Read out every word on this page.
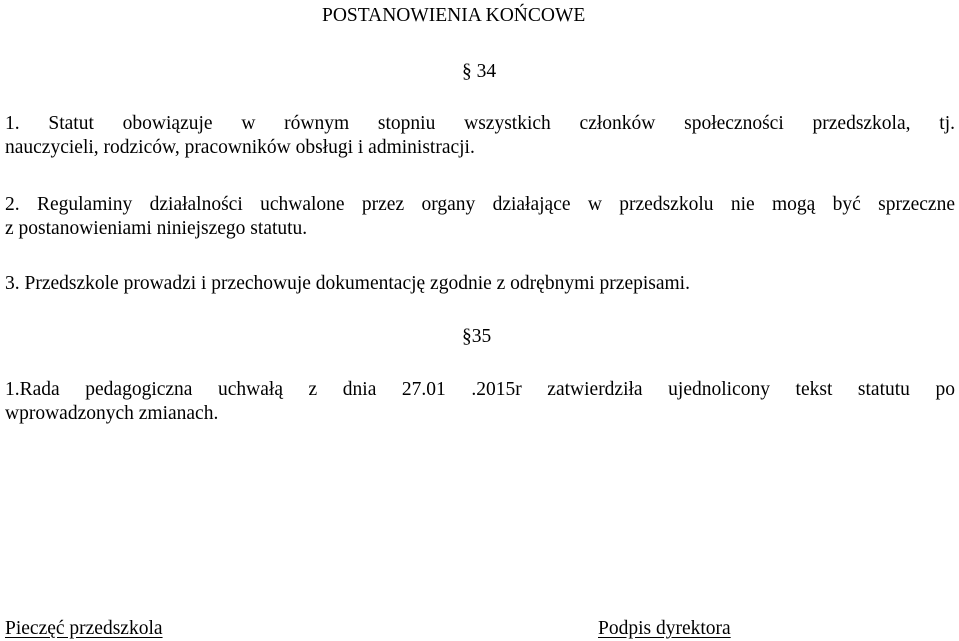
POSTANOWIENIA KOŃCOWE
§ 34
1. Statut obowiązuje w równym stopniu wszystkich członków społeczności przedszkola, tj.
nauczycieli, rodziców, pracowników obsługi i administracji.
2. Regulaminy działalności uchwalone przez organy działające w przedszkolu nie mogą być sprzeczne
z postanowieniami niniejszego statutu.
3. Przedszkole prowadzi i przechowuje dokumentację zgodnie z odrębnymi przepisami.
§35
1.Rada pedagogiczna uchwałą z dnia 27.01 .2015r zatwierdziła ujednolicony tekst statutu po
wprowadzonych zmianach.
Pieczęć przedszkola	Podpis dyrektora
